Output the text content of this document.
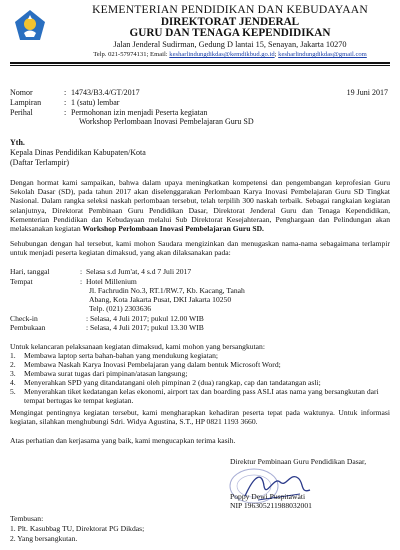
KEMENTERIAN PENDIDIKAN DAN KEBUDAYAAN
DIREKTORAT JENDERAL
GURU DAN TENAGA KEPENDIDIKAN
Jalan Jenderal Sudirman, Gedung D lantai 15, Senayan, Jakarta 10270
Telp. 021-57974131; Email: kesharlindungdikdas@kemdikbud.go.id; kesharlindungdikdas@gmail.com
Nomor	: 14743/B3.4/GT/2017	19 Juni 2017
Lampiran	: 1 (satu) lembar
Perihal	: Permohonan izin menjadi Peserta kegiatan
Workshop Perlombaan Inovasi Pembelajaran Guru SD
Yth.
Kepala Dinas Pendidikan Kabupaten/Kota
(Daftar Terlampir)
Dengan hormat kami sampaikan, bahwa dalam upaya meningkatkan kompetensi dan pengembangan keprofesian Guru Sekolah Dasar (SD), pada tahun 2017 akan diselenggarakan Perlombaan Karya Inovasi Pembelajaran Guru SD Tingkat Nasional. Dalam rangka seleksi naskah perlombaan tersebut, telah terpilih 300 naskah terbaik. Sebagai rangkaian kegiatan selanjutnya, Direktorat Pembinaan Guru Pendidikan Dasar, Direktorat Jenderal Guru dan Tenaga Kependidikan, Kementerian Pendidikan dan Kebudayaan melalui Sub Direktorat Kesejahteraan, Penghargaan dan Pelindungan akan melaksanakan kegiatan Workshop Perlombaan Inovasi Pembelajaran Guru SD.
Sehubungan dengan hal tersebut, kami mohon Saudara mengizinkan dan menugaskan nama-nama sebagaimana terlampir untuk menjadi peserta kegiatan dimaksud, yang akan dilaksanakan pada:
Hari, tanggal	: Selasa s.d Jum'at, 4 s.d 7 Juli 2017
Tempat	: Hotel Millenium
Jl. Fachrudin No.3, RT.1/RW.7, Kb. Kacang, Tanah
Abang, Kota Jakarta Pusat, DKI Jakarta 10250
Telp. (021) 2303636
Check-in	: Selasa, 4 Juli 2017; pukul 12.00 WIB
Pembukaan	: Selasa, 4 Juli 2017; pukul 13.30 WIB
Untuk kelancaran pelaksanaan kegiatan dimaksud, kami mohon yang bersangkutan:
1. Membawa laptop serta bahan-bahan yang mendukung kegiatan;
2. Membawa Naskah Karya Inovasi Pembelajaran yang dalam bentuk Microsoft Word;
3. Membawa surat tugas dari pimpinan/atasan langsung;
4. Menyerahkan SPD yang ditandatangani oleh pimpinan 2 (dua) rangkap, cap dan tandatangan asli;
5. Menyerahkan tiket kedatangan kelas ekonomi, airport tax dan boarding pass ASLI atas nama yang bersangkutan dari tempat bertugas ke tempat kegiatan.
Mengingat pentingnya kegiatan tersebut, kami mengharapkan kehadiran peserta tepat pada waktunya. Untuk informasi kegiatan, silahkan menghubungi Sdri. Widya Agustina, S.T., HP 0821 1193 3660.
Atas perhatian dan kerjasama yang baik, kami mengucapkan terima kasih.
Direktur Pembinaan Guru Pendidikan Dasar,
Poppy Dewi Puspitawati
NIP 196305211988032001
Tembusan:
1. Plt. Kasubbag TU, Direktorat PG Dikdas;
2. Yang bersangkutan.
